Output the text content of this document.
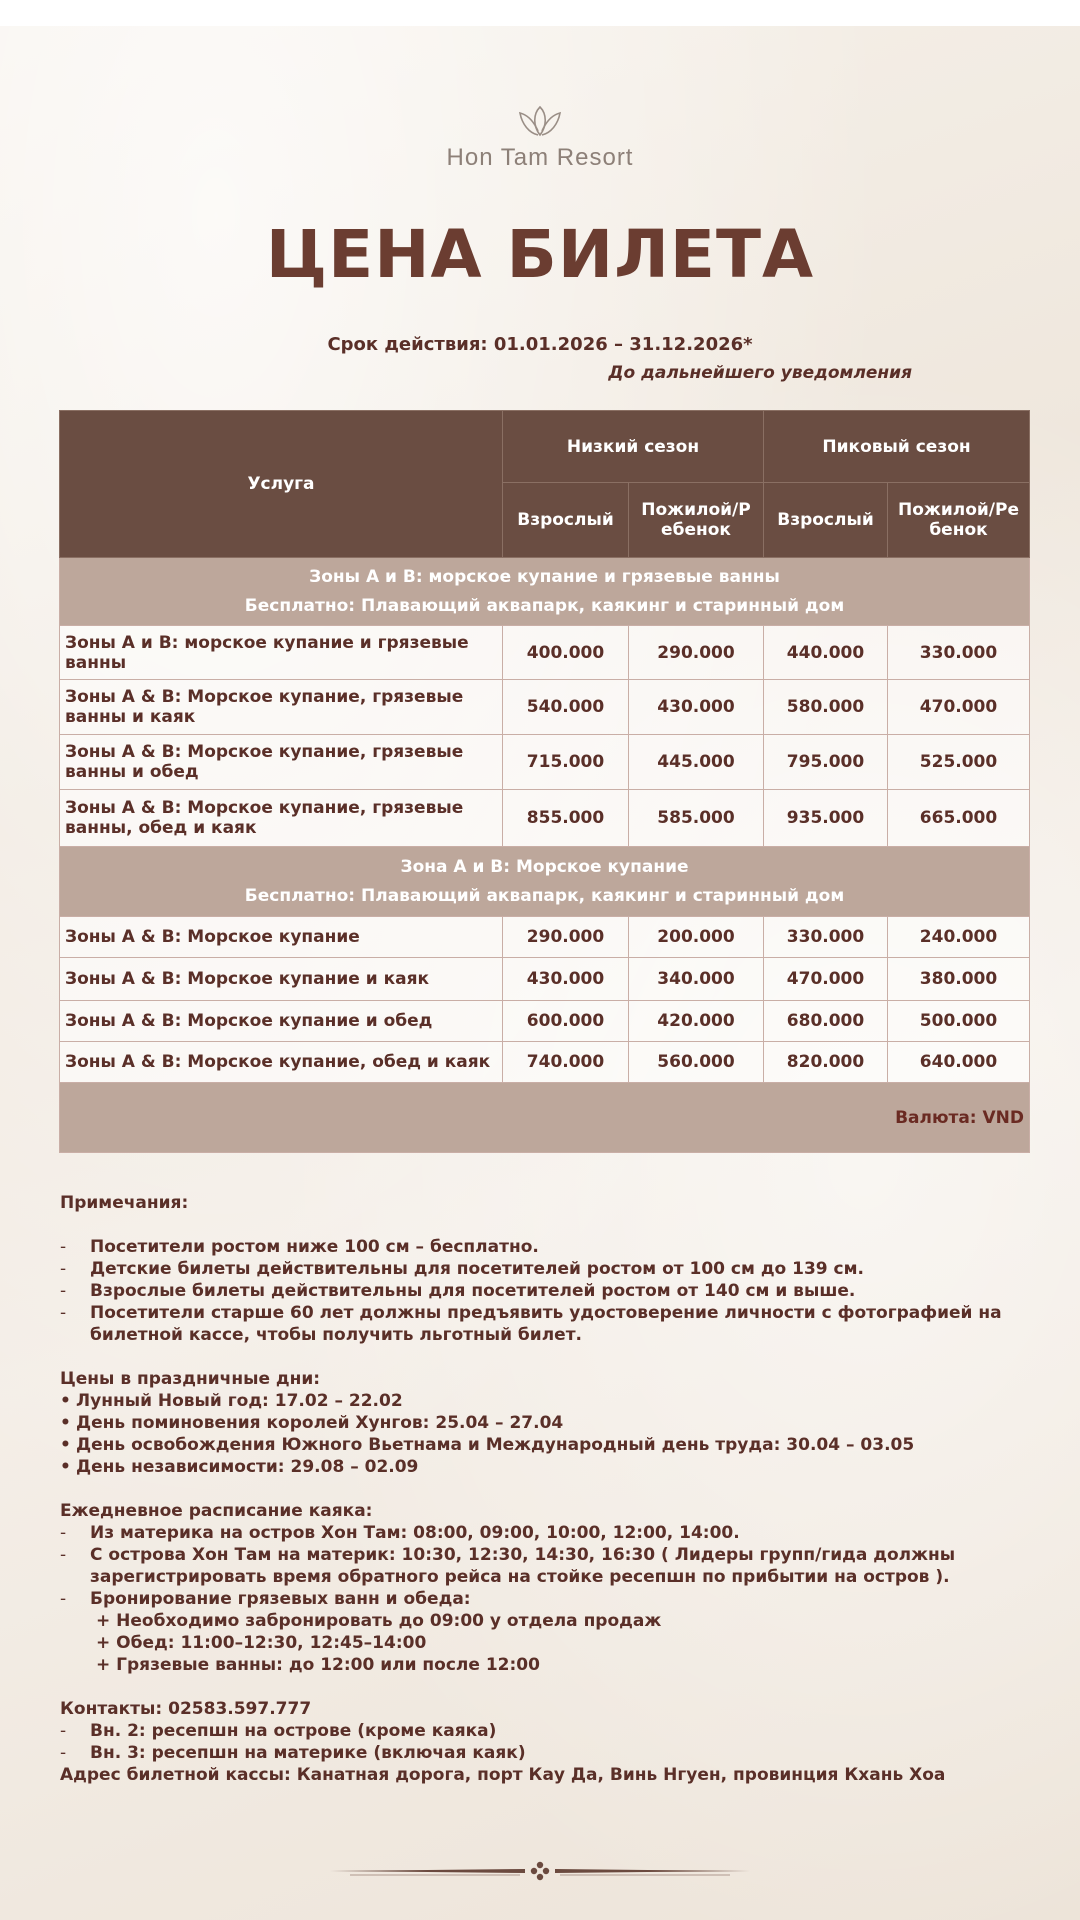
Hon Tam Resort
ЦЕНА БИЛЕТА
Срок действия: 01.01.2026 – 31.12.2026*
До дальнейшего уведомления
Услуга	Низкий сезон		Пиковый сезон	
	Взрослый	Пожилой/Р ебенок	Взрослый	Пожилой/Ре бенок

Зоны A и B: морское купание и грязевые ванны
Бесплатно: Плавающий аквапарк, каякинг и старинный дом				

Зоны A и B: морское купание и грязевые ванны	400.000	290.000	440.000	330.000
Зоны A & B: Морское купание, грязевые ванны и каяк	540.000	430.000	580.000	470.000
Зоны A & B: Морское купание, грязевые ванны и обед	715.000	445.000	795.000	525.000
Зоны A & B: Морское купание, грязевые ванны, обед и каяк	855.000	585.000	935.000	665.000

Зона А и В: Морское купание
Бесплатно: Плавающий аквапарк, каякинг и старинный дом				

Зоны A & B: Морское купание	290.000	200.000	330.000	240.000
Зоны A & B: Морское купание и каяк	430.000	340.000	470.000	380.000
Зоны A & B: Морское купание и обед	600.000	420.000	680.000	500.000
Зоны A & B: Морское купание, обед и каяк	740.000	560.000	820.000	640.000
Валюта: VND				

Примечания:

- Посетители ростом ниже 100 см – бесплатно.
- Детские билеты действительны для посетителей ростом от 100 см до 139 см.
- Взрослые билеты действительны для посетителей ростом от 140 см и выше.
- Посетители старше 60 лет должны предъявить удостоверение личности с фотографией на билетной кассе, чтобы получить льготный билет.

Цены в праздничные дни:

• Лунный Новый год: 17.02 – 22.02
• День поминовения королей Хунгов: 25.04 – 27.04
• День освобождения Южного Вьетнама и Международный день труда: 30.04 – 03.05
• День независимости: 29.08 – 02.09

Ежедневное расписание каяка:

- Из материка на остров Хон Там: 08:00, 09:00, 10:00, 12:00, 14:00.
- С острова Хон Там на материк: 10:30, 12:30, 14:30, 16:30 ( Лидеры групп/гида должны зарегистрировать время обратного рейса на стойке ресепшн по прибытии на остров ).
- Бронирование грязевых ванн и обеда:
+ Необходимо забронировать до 09:00 у отдела продаж
+ Обед: 11:00–12:30, 12:45–14:00
+ Грязевые ванны: до 12:00 или после 12:00

Контакты: 02583.597.777

- Вн. 2: ресепшн на острове (кроме каяка)
- Вн. 3: ресепшн на материке (включая каяк)

Адрес билетной кассы: Канатная дорога, порт Кау Да, Винь Нгуен, провинция Кхань Хоа
